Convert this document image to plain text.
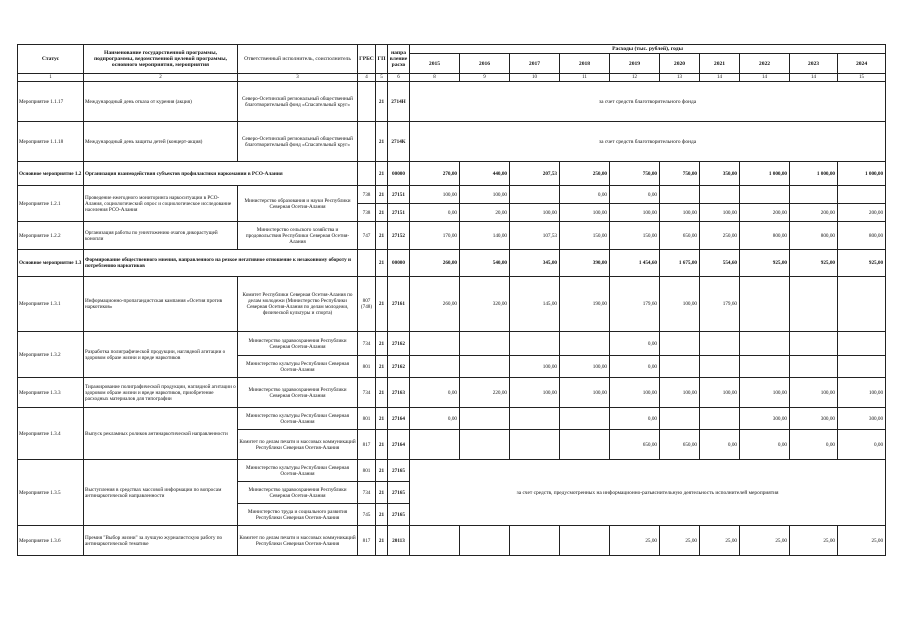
Статус	Наименование государственной программы, подпрограммы, ведомственной целевой программы, основного мероприятия, мероприятия	Ответственный исполнитель, соисполнитель	ГРБС	ГП	напра вление расхо	Расходы (тыс. рублей), годы									
						2015	2016	2017	2018	2019	2020	2021	2022	2023	2024
1	2	3	4	5	6	8	9	10	11	12	13	14	14	14	15
Мероприятие 1.1.17	Международный день отказа от курения (акция)	Северо-Осетинский региональный общественный благотворительный фонд «Спасательный круг»		21	2714Н	за счет средств благотворительного фонда									
Мероприятие 1.1.18	Международный день защиты детей (концерт-акция)	Северо-Осетинский региональный общественный благотворительный фонд «Спасательный круг»		21	2714К	за счет средств благотворительного фонда									
Основное мероприятие 1.2	Организация взаимодействия субъектов профилактики наркомании в РСО-Алания			21	00000	270,00	440,00	207,53	250,00	750,00	750,00	350,00	1 000,00	1 000,00	1 000,00
Мероприятие 1.2.1	Проведение ежегодного мониторинга наркоситуации в РСО-Алания, социологический опрос и социологическое исследование населения РСО-Алания	Министерство образования и науки Республики Северная Осетия-Алания	738	21	27151	100,00	100,00		0,00	0,00					
			738	21	27151	0,00	20,00	100,00	100,00	100,00	100,00	100,00	200,00	200,00	200,00
Мероприятие 1.2.2	Организация работы по уничтожению очагов дикорастущей конопли	Министерство сельского хозяйства и продовольствия Республики Северная Осетия-Алания	747	21	27152	170,00	140,00	107,53	150,00	150,00	650,00	250,00	800,00	800,00	800,00
Основное мероприятие 1.3	Формирование общественного мнения, направленного на резкое негативное отношение к незаконному обороту и потреблению наркотиков			21	00000	260,00	540,00	345,00	390,00	1 454,60	1 675,00	554,60	925,00	925,00	925,00
Мероприятие 1.3.1	Информационно-пропагандистская кампания «Осетия против наркотиков»	Комитет Республики Северная Осетия-Алания по делам молодежи (Министерство Республики Северная Осетия-Алания по делам молодежи, физической культуры и спорта)	807 (748)	21	27161	260,00	320,00	145,00	190,00	179,60	100,00	179,60			
Мероприятие 1.3.2	Разработка полиграфической продукции, наглядной агитации о здоровом образе жизни и вреде наркотиков	Министерство здравоохранения Республики Северная Осетия-Алания	734	21	27162					0,00					
		Министерство культуры Республики Северная Осетия-Алания	801	21	27162			100,00	100,00	0,00					
Мероприятие 1.3.3	Тиражирование полиграфической продукции, наглядной агитации о здоровом образе жизни и вреде наркотиков, приобретение расходных материалов для типографии	Министерство здравоохранения Республики Северная Осетия-Алания	734	21	27163	0,00	220,00	100,00	100,00	100,00	100,00	100,00	100,00	100,00	100,00
Мероприятие 1.3.4	Выпуск рекламных роликов антинаркотической направленности	Министерство культуры Республики Северная Осетия-Алания	801	21	27164	0,00				0,00			300,00	300,00	300,00
		Комитет по делам печати и массовых коммуникаций Республики Северная Осетия-Алания	817	21	27164					650,00	650,00	0,00	0,00	0,00	0,00
Мероприятие 1.3.5	Выступления в средствах массовой информации по вопросам антинаркотической направленности	Министерство культуры Республики Северная Осетия-Алания	801	21	27165	за счет средств, предусмотренных на информационно-разъяснительную деятельность исполнителей мероприятия									
		Министерство здравоохранения Республики Северная Осетия-Алания	734	21	27165										
		Министерство труда и социального развития Республики Северная Осетия-Алания	745	21	27165										
Мероприятие 1.3.6	Премия "Выбор жизни" за лучшую журналистскую работу по антинаркотической тематике	Комитет по делам печати и массовых коммуникаций Республики Северная Осетия-Алания	817	21	20113					25,00	25,00	25,00	25,00	25,00	25,00
